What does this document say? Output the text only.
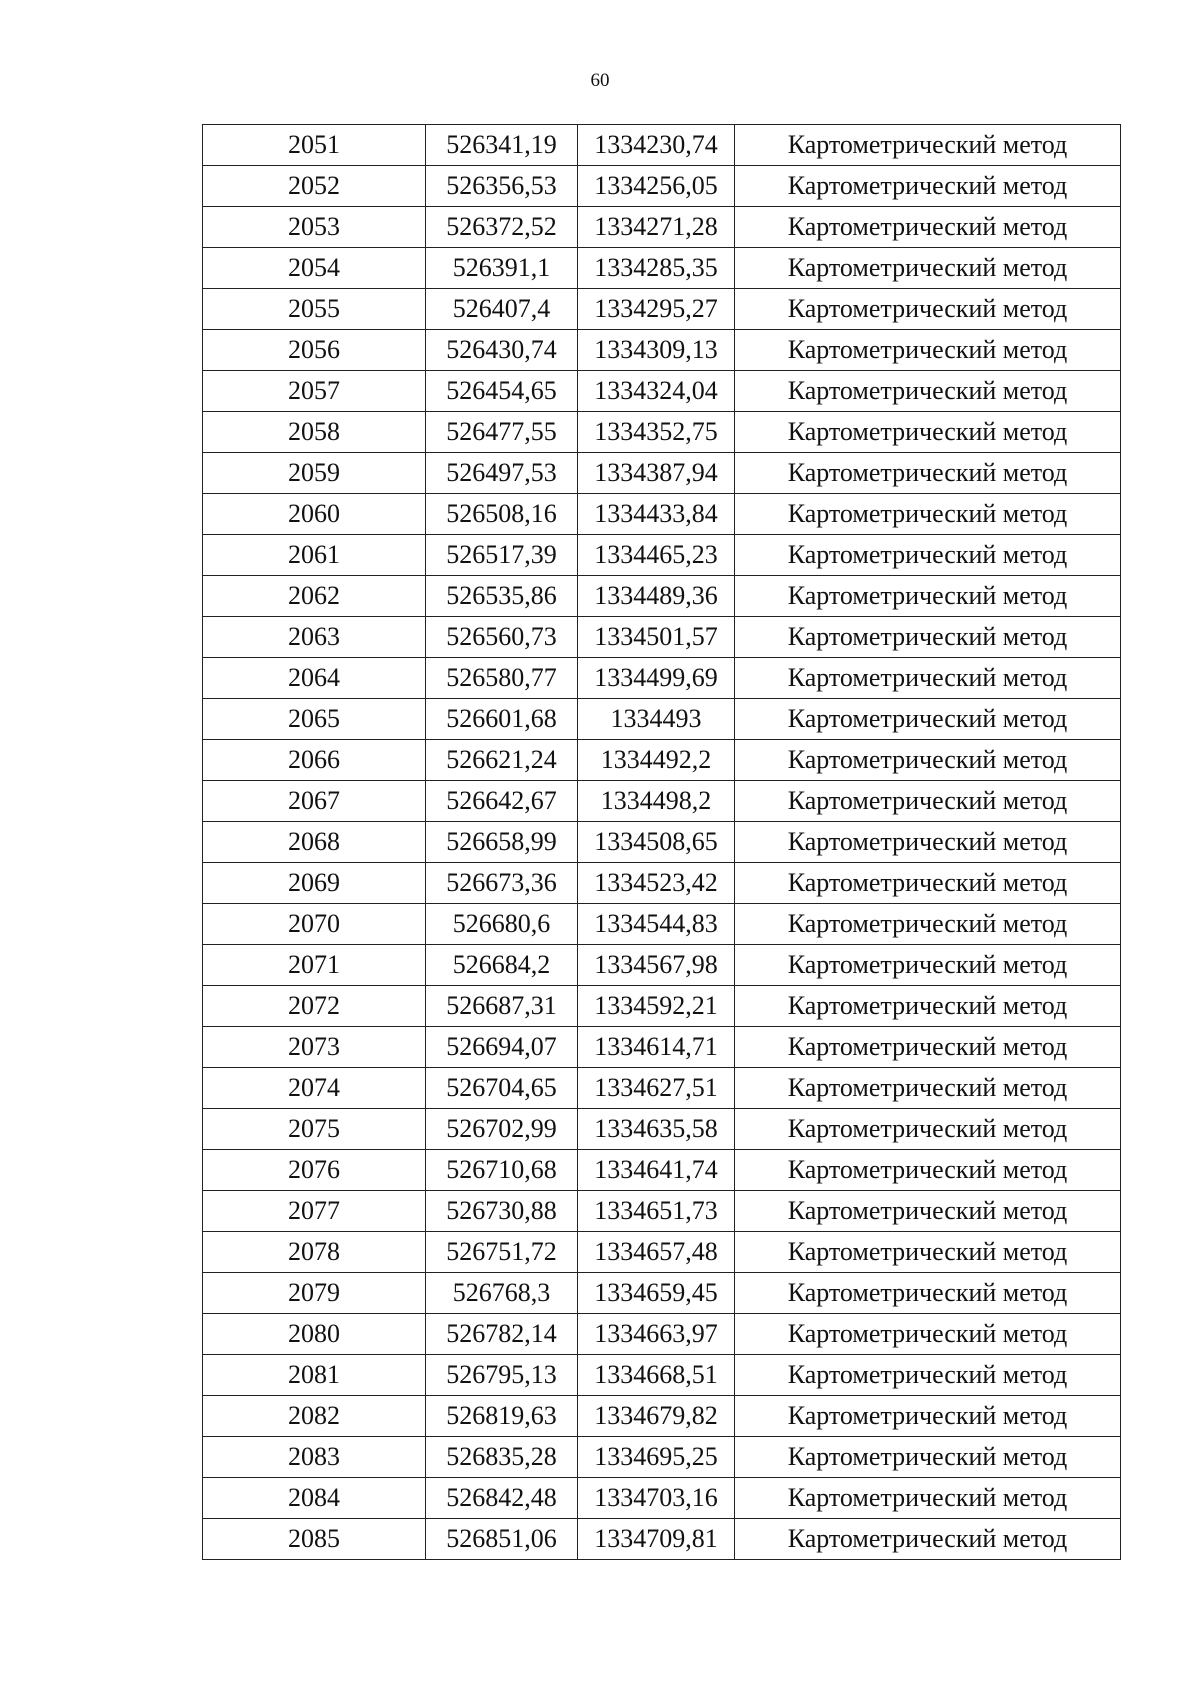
60
2051	526341,19	1334230,74	Картометрический метод
2052	526356,53	1334256,05	Картометрический метод
2053	526372,52	1334271,28	Картометрический метод
2054	526391,1	1334285,35	Картометрический метод
2055	526407,4	1334295,27	Картометрический метод
2056	526430,74	1334309,13	Картометрический метод
2057	526454,65	1334324,04	Картометрический метод
2058	526477,55	1334352,75	Картометрический метод
2059	526497,53	1334387,94	Картометрический метод
2060	526508,16	1334433,84	Картометрический метод
2061	526517,39	1334465,23	Картометрический метод
2062	526535,86	1334489,36	Картометрический метод
2063	526560,73	1334501,57	Картометрический метод
2064	526580,77	1334499,69	Картометрический метод
2065	526601,68	1334493	Картометрический метод
2066	526621,24	1334492,2	Картометрический метод
2067	526642,67	1334498,2	Картометрический метод
2068	526658,99	1334508,65	Картометрический метод
2069	526673,36	1334523,42	Картометрический метод
2070	526680,6	1334544,83	Картометрический метод
2071	526684,2	1334567,98	Картометрический метод
2072	526687,31	1334592,21	Картометрический метод
2073	526694,07	1334614,71	Картометрический метод
2074	526704,65	1334627,51	Картометрический метод
2075	526702,99	1334635,58	Картометрический метод
2076	526710,68	1334641,74	Картометрический метод
2077	526730,88	1334651,73	Картометрический метод
2078	526751,72	1334657,48	Картометрический метод
2079	526768,3	1334659,45	Картометрический метод
2080	526782,14	1334663,97	Картометрический метод
2081	526795,13	1334668,51	Картометрический метод
2082	526819,63	1334679,82	Картометрический метод
2083	526835,28	1334695,25	Картометрический метод
2084	526842,48	1334703,16	Картометрический метод
2085	526851,06	1334709,81	Картометрический метод
